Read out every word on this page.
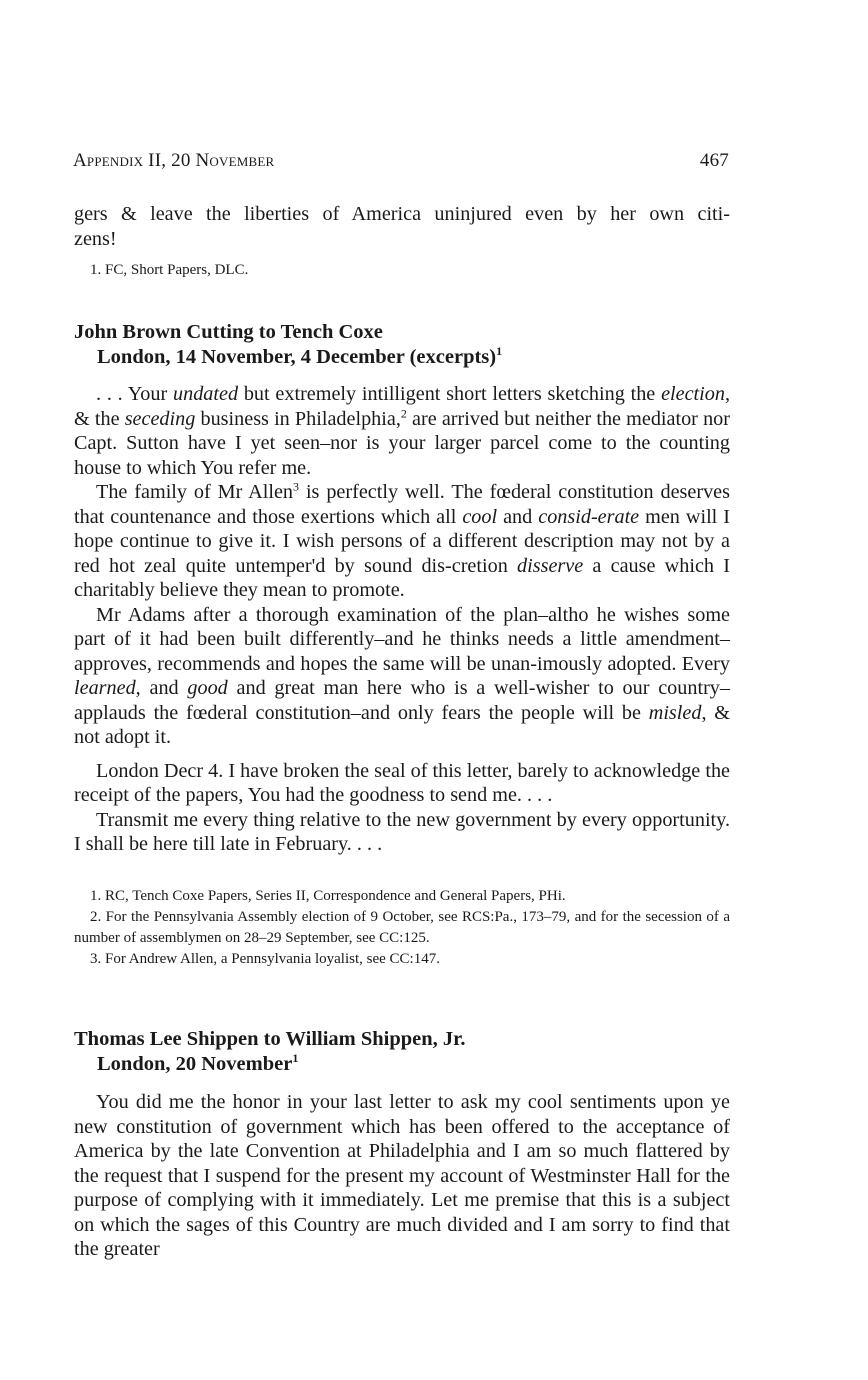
Appendix II, 20 November	467

gers & leave the liberties of America uninjured even by her own citi-

zens!

1. FC, Short Papers, DLC.

John Brown Cutting to Tench Coxe
London, 14 November, 4 December (excerpts)$^1$

. . . Your undated but extremely intilligent short letters sketching the election, & the seceding business in Philadelphia,$^2$ are arrived but neither the mediator nor Capt. Sutton have I yet seen–nor is your larger parcel come to the counting house to which You refer me.

The family of Mr Allen$^3$ is perfectly well. The fœderal constitution deserves that countenance and those exertions which all cool and consid-erate men will I hope continue to give it. I wish persons of a different description may not by a red hot zeal quite untemper'd by sound dis-cretion disserve a cause which I charitably believe they mean to promote.

Mr Adams after a thorough examination of the plan–altho he wishes some part of it had been built differently–and he thinks needs a little amendment–approves, recommends and hopes the same will be unan-imously adopted. Every learned, and good and great man here who is a well-wisher to our country–applauds the fœderal constitution–and only fears the people will be misled, & not adopt it.

London Decr 4. I have broken the seal of this letter, barely to acknowledge the receipt of the papers, You had the goodness to send me. . . .

Transmit me every thing relative to the new government by every opportunity. I shall be here till late in February. . . .

1. RC, Tench Coxe Papers, Series II, Correspondence and General Papers, PHi.

2. For the Pennsylvania Assembly election of 9 October, see RCS:Pa., 173–79, and for the secession of a number of assemblymen on 28–29 September, see CC:125.

3. For Andrew Allen, a Pennsylvania loyalist, see CC:147.

Thomas Lee Shippen to William Shippen, Jr.
London, 20 November$^1$

You did me the honor in your last letter to ask my cool sentiments upon ye new constitution of government which has been offered to the acceptance of America by the late Convention at Philadelphia and I am so much flattered by the request that I suspend for the present my account of Westminster Hall for the purpose of complying with it immediately. Let me premise that this is a subject on which the sages of this Country are much divided and I am sorry to find that the greater
